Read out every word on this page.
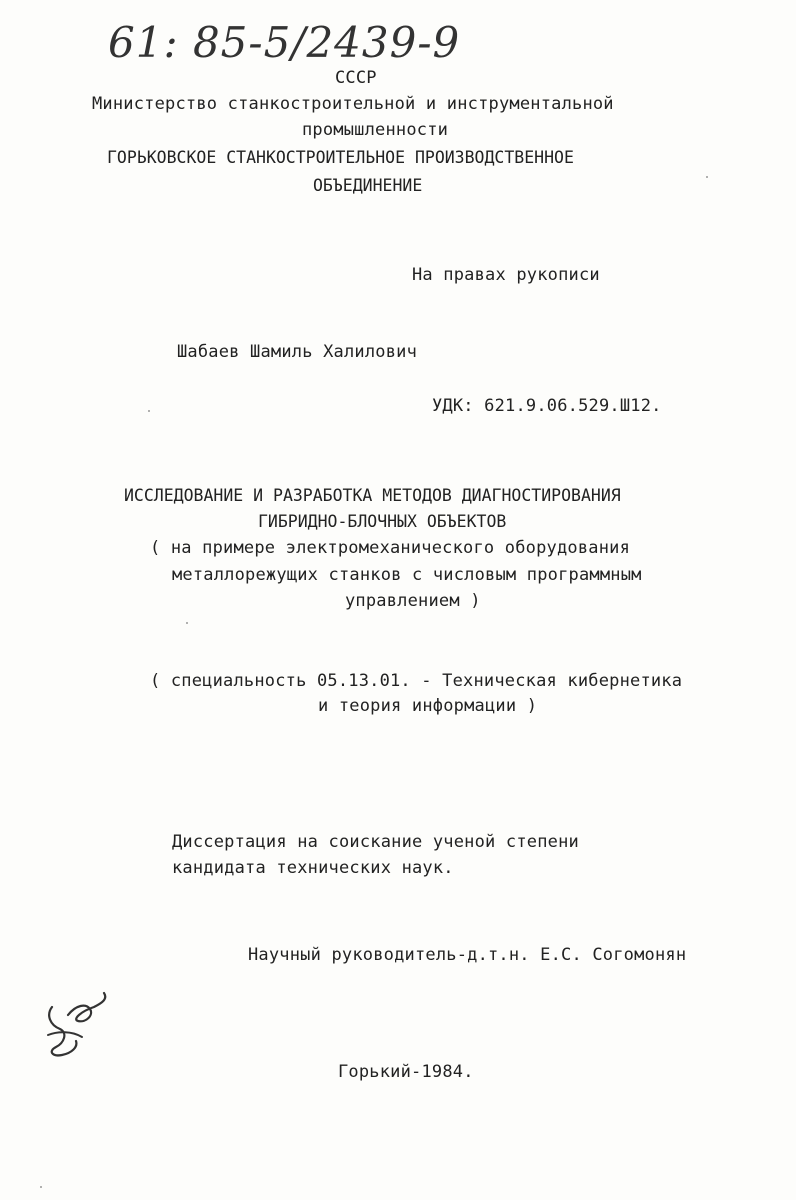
61: 85-5/2439-9
СССР
Министерство станкостроительной и инструментальной
промышленности
ГОРЬКОВСКОЕ СТАНКОСТРОИТЕЛЬНОЕ ПРОИЗВОДСТВЕННОЕ
ОБЪЕДИНЕНИЕ
На правах рукописи
Шабаев Шамиль Халилович
УДК: 621.9.06.529.Ш12.
ИССЛЕДОВАНИЕ И РАЗРАБОТКА МЕТОДОВ ДИАГНОСТИРОВАНИЯ
ГИБРИДНО-БЛОЧНЫХ ОБЪЕКТОВ
( на примере электромеханического оборудования
металлорежущих станков с числовым программным
управлением )
( специальность 05.13.01. - Техническая кибернетика
и теория информации )
Диссертация на соискание ученой степени
кандидата технических наук.
Научный руководитель-д.т.н. Е.С. Согомонян
Горький-1984.
